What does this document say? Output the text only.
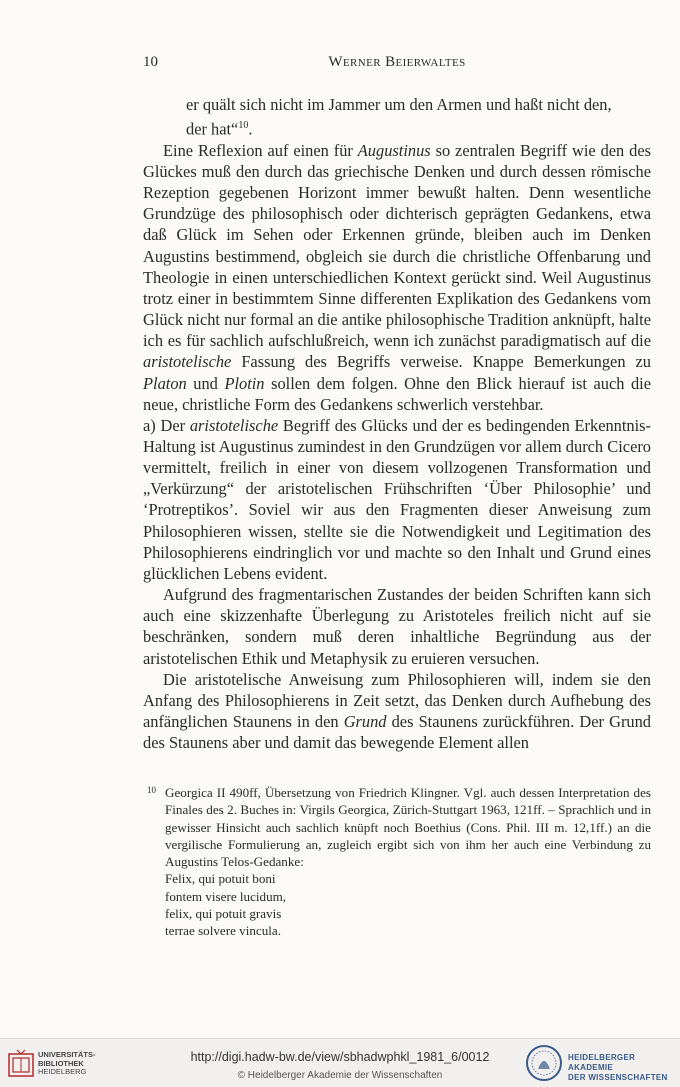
10	Werner Beierwaltes

er quält sich nicht im Jammer um den Armen und haßt nicht den,

der hat“$^{10}$.

Eine Reflexion auf einen für Augustinus so zentralen Begriff wie den des Glückes muß den durch das griechische Denken und durch dessen römische Rezeption gegebenen Horizont immer bewußt halten. Denn wesentliche Grundzüge des philosophisch oder dichterisch geprägten Gedankens, etwa daß Glück im Sehen oder Erkennen gründe, bleiben auch im Denken Augustins bestimmend, obgleich sie durch die christliche Offenbarung und Theologie in einen unterschiedlichen Kontext gerückt sind. Weil Augustinus trotz einer in bestimmtem Sinne differenten Explikation des Gedankens vom Glück nicht nur formal an die antike philosophische Tradition anknüpft, halte ich es für sachlich aufschlußreich, wenn ich zunächst paradigmatisch auf die aristotelische Fassung des Begriffs verweise. Knappe Bemerkungen zu Platon und Plotin sollen dem folgen. Ohne den Blick hierauf ist auch die neue, christliche Form des Gedankens schwerlich verstehbar.

a) Der aristotelische Begriff des Glücks und der es bedingenden Erkenntnis-Haltung ist Augustinus zumindest in den Grundzügen vor allem durch Cicero vermittelt, freilich in einer von diesem vollzogenen Transformation und „Verkürzung“ der aristotelischen Frühschriften ‘Über Philosophie’ und ‘Protreptikos’. Soviel wir aus den Fragmenten dieser Anweisung zum Philosophieren wissen, stellte sie die Notwendigkeit und Legitimation des Philosophierens eindringlich vor und machte so den Inhalt und Grund eines glücklichen Lebens evident.

Aufgrund des fragmentarischen Zustandes der beiden Schriften kann sich auch eine skizzenhafte Überlegung zu Aristoteles freilich nicht auf sie beschränken, sondern muß deren inhaltliche Begründung aus der aristotelischen Ethik und Metaphysik zu eruieren versuchen.

Die aristotelische Anweisung zum Philosophieren will, indem sie den Anfang des Philosophierens in Zeit setzt, das Denken durch Aufhebung des anfänglichen Staunens in den Grund des Staunens zurückführen. Der Grund des Staunens aber und damit das bewegende Element allen

10 Georgica II 490ff, Übersetzung von Friedrich Klingner. Vgl. auch dessen Interpretation des Finales des 2. Buches in: Virgils Georgica, Zürich-Stuttgart 1963, 121ff. – Sprachlich und in gewisser Hinsicht auch sachlich knüpft noch Boethius (Cons. Phil. III m. 12,1ff.) an die vergilische Formulierung an, zugleich ergibt sich von ihm her auch eine Verbindung zu Augustins Telos-Gedanke:
Felix, qui potuit boni
fontem visere lucidum,
felix, qui potuit gravis
terrae solvere vincula.
UNIVERSITÄTS-
BIBLIOTHEK
HEIDELBERG
http://digi.hadw-bw.de/view/sbhadwphkl_1981_6/0012
© Heidelberger Akademie der Wissenschaften
HEIDELBERGER AKADEMIE
DER WISSENSCHAFTEN
